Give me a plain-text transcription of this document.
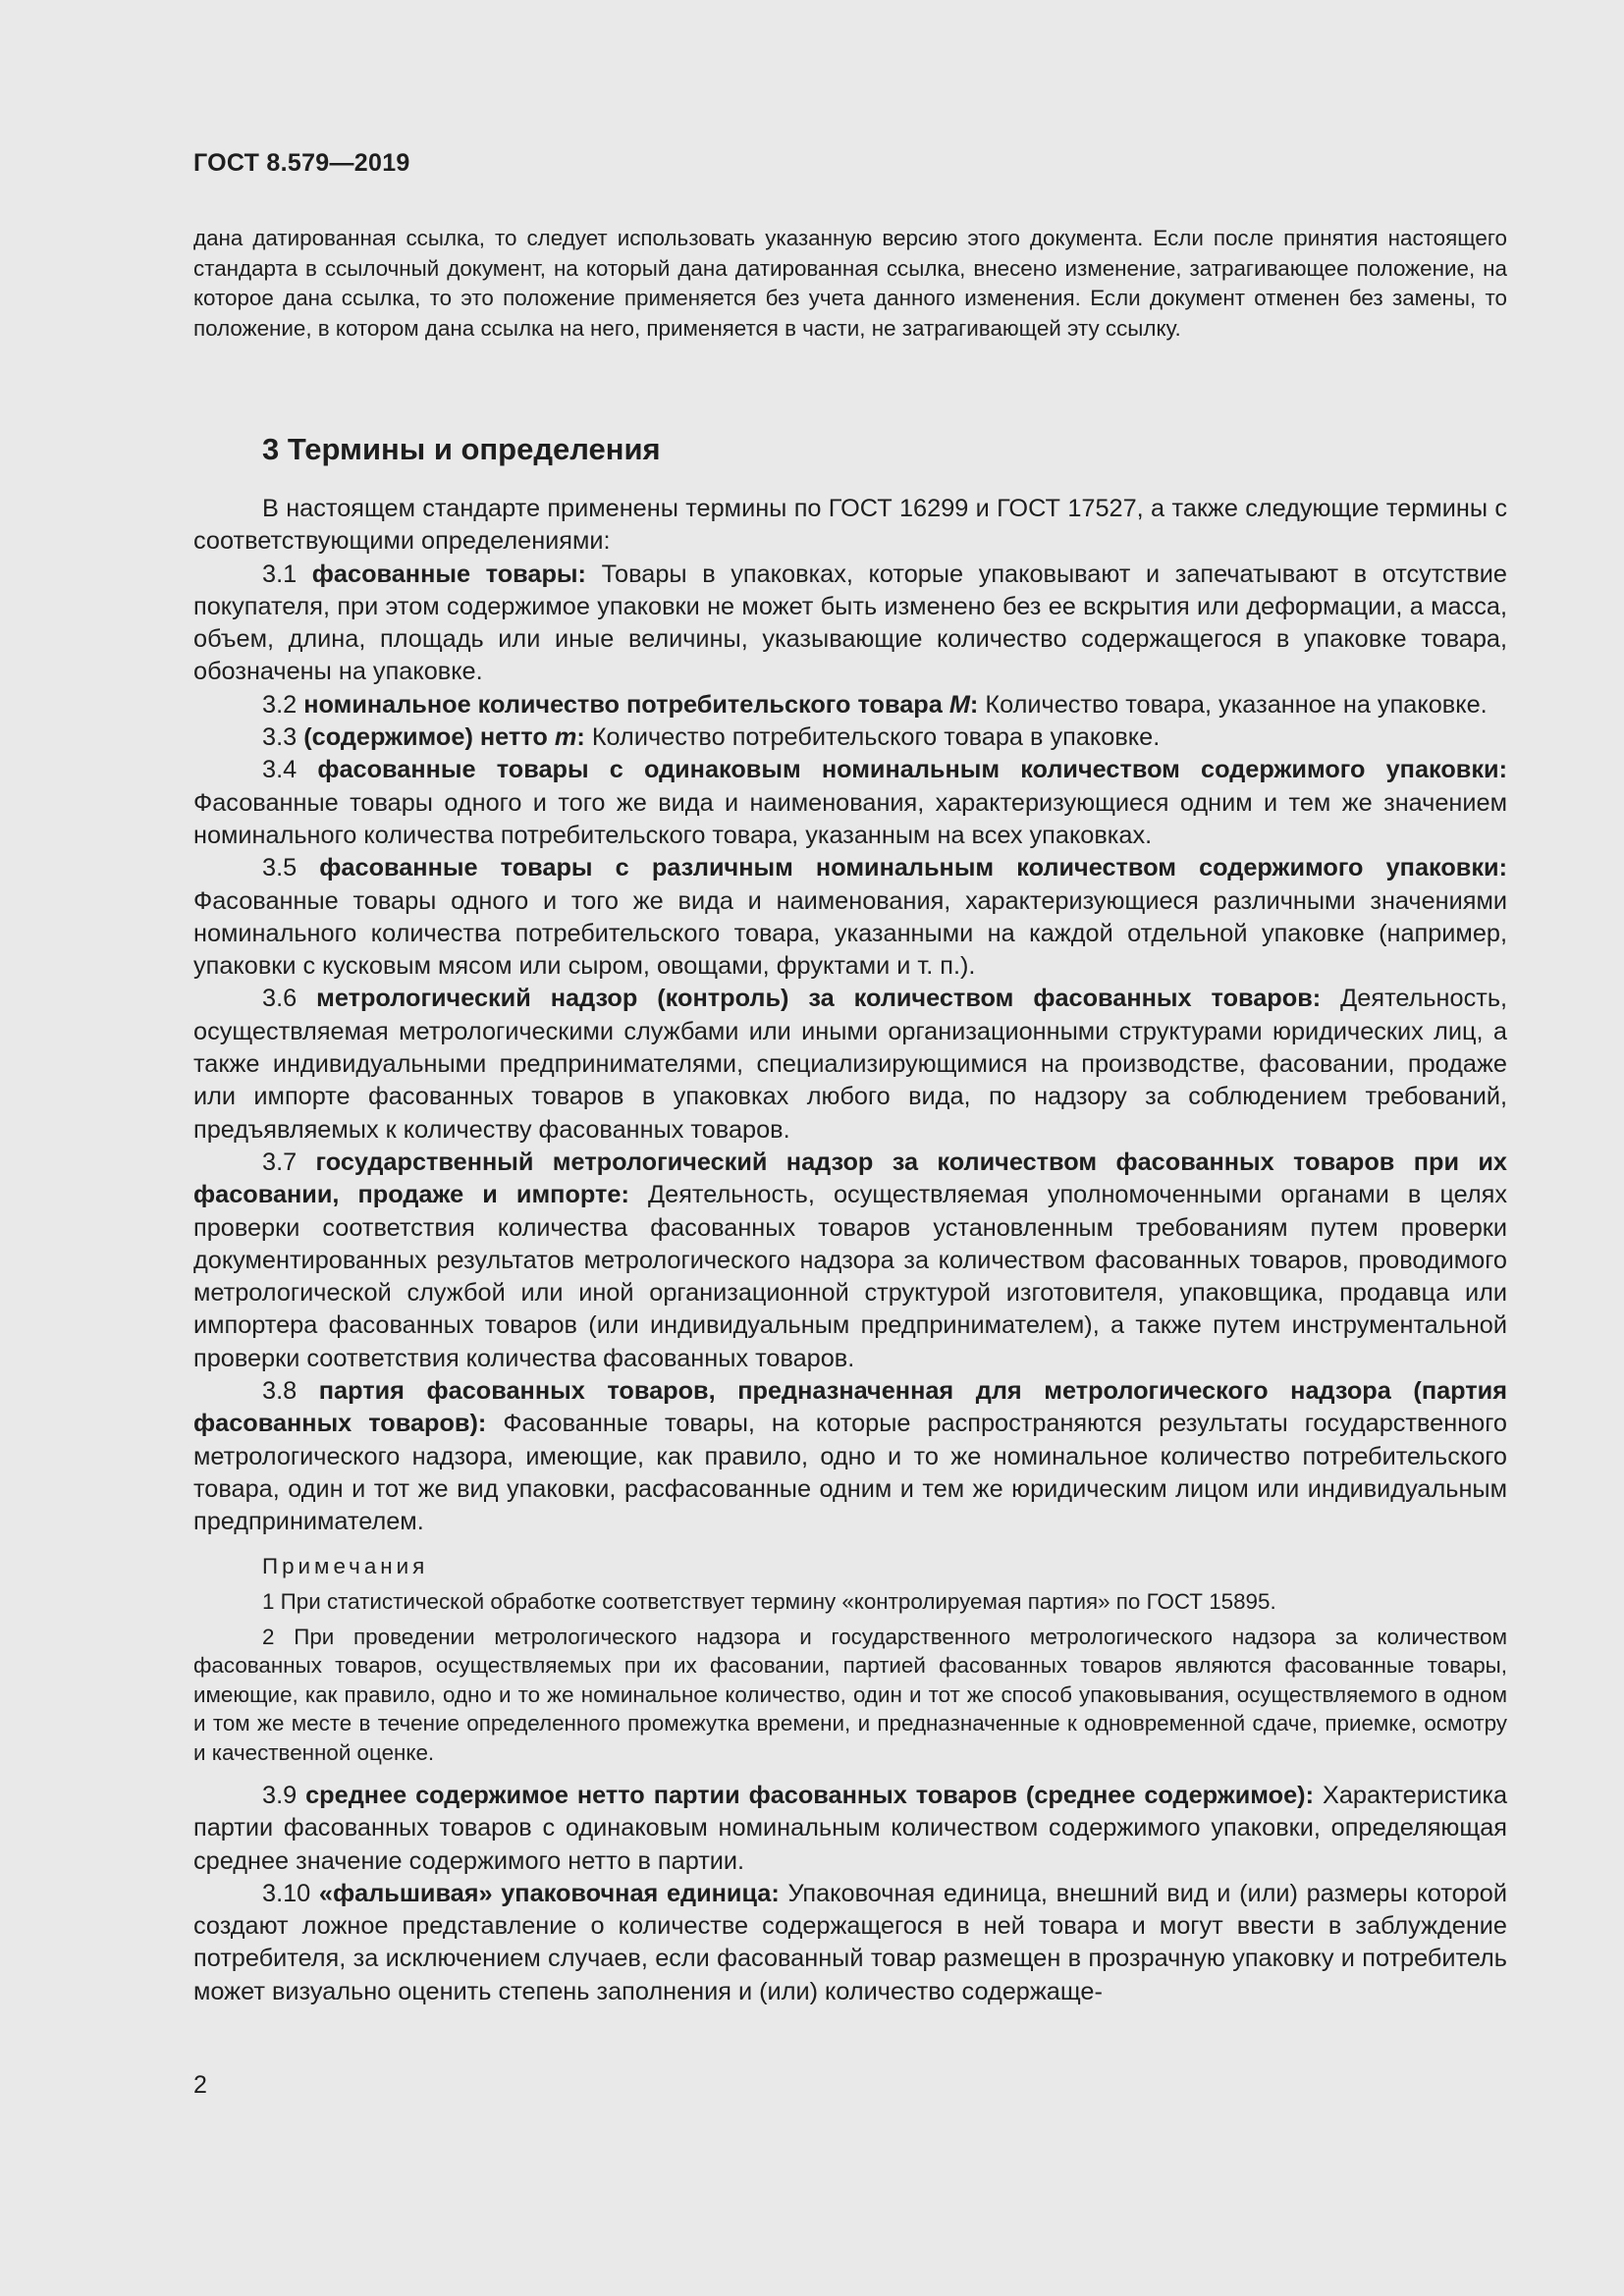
ГОСТ 8.579—2019
дана датированная ссылка, то следует использовать указанную версию этого документа. Если после принятия настоящего стандарта в ссылочный документ, на который дана датированная ссылка, внесено изменение, затрагивающее положение, на которое дана ссылка, то это положение применяется без учета данного изменения. Если документ отменен без замены, то положение, в котором дана ссылка на него, применяется в части, не затрагивающей эту ссылку.
3 Термины и определения

В настоящем стандарте применены термины по ГОСТ 16299 и ГОСТ 17527, а также следующие термины с соответствующими определениями:

3.1 фасованные товары: Товары в упаковках, которые упаковывают и запечатывают в отсутствие покупателя, при этом содержимое упаковки не может быть изменено без ее вскрытия или деформации, а масса, объем, длина, площадь или иные величины, указывающие количество содержащегося в упаковке товара, обозначены на упаковке.

3.2 номинальное количество потребительского товара М: Количество товара, указанное на упаковке.

3.3 (содержимое) нетто m: Количество потребительского товара в упаковке.

3.4 фасованные товары с одинаковым номинальным количеством содержимого упаковки: Фасованные товары одного и того же вида и наименования, характеризующиеся одним и тем же значением номинального количества потребительского товара, указанным на всех упаковках.

3.5 фасованные товары с различным номинальным количеством содержимого упаковки: Фасованные товары одного и того же вида и наименования, характеризующиеся различными значениями номинального количества потребительского товара, указанными на каждой отдельной упаковке (например, упаковки с кусковым мясом или сыром, овощами, фруктами и т. п.).

3.6 метрологический надзор (контроль) за количеством фасованных товаров: Деятельность, осуществляемая метрологическими службами или иными организационными структурами юридических лиц, а также индивидуальными предпринимателями, специализирующимися на производстве, фасовании, продаже или импорте фасованных товаров в упаковках любого вида, по надзору за соблюдением требований, предъявляемых к количеству фасованных товаров.

3.7 государственный метрологический надзор за количеством фасованных товаров при их фасовании, продаже и импорте: Деятельность, осуществляемая уполномоченными органами в целях проверки соответствия количества фасованных товаров установленным требованиям путем проверки документированных результатов метрологического надзора за количеством фасованных товаров, проводимого метрологической службой или иной организационной структурой изготовителя, упаковщика, продавца или импортера фасованных товаров (или индивидуальным предпринимателем), а также путем инструментальной проверки соответствия количества фасованных товаров.

3.8 партия фасованных товаров, предназначенная для метрологического надзора (партия фасованных товаров): Фасованные товары, на которые распространяются результаты государственного метрологического надзора, имеющие, как правило, одно и то же номинальное количество потребительского товара, один и тот же вид упаковки, расфасованные одним и тем же юридическим лицом или индивидуальным предпринимателем.

Примечания

1 При статистической обработке соответствует термину «контролируемая партия» по ГОСТ 15895.

2 При проведении метрологического надзора и государственного метрологического надзора за количеством фасованных товаров, осуществляемых при их фасовании, партией фасованных товаров являются фасованные товары, имеющие, как правило, одно и то же номинальное количество, один и тот же способ упаковывания, осуществляемого в одном и том же месте в течение определенного промежутка времени, и предназначенные к одновременной сдаче, приемке, осмотру и качественной оценке.

3.9 среднее содержимое нетто партии фасованных товаров (среднее содержимое): Характеристика партии фасованных товаров с одинаковым номинальным количеством содержимого упаковки, определяющая среднее значение содержимого нетто в партии.

3.10 «фальшивая» упаковочная единица: Упаковочная единица, внешний вид и (или) размеры которой создают ложное представление о количестве содержащегося в ней товара и могут ввести в заблуждение потребителя, за исключением случаев, если фасованный товар размещен в прозрачную упаковку и потребитель может визуально оценить степень заполнения и (или) количество содержаще-

2
